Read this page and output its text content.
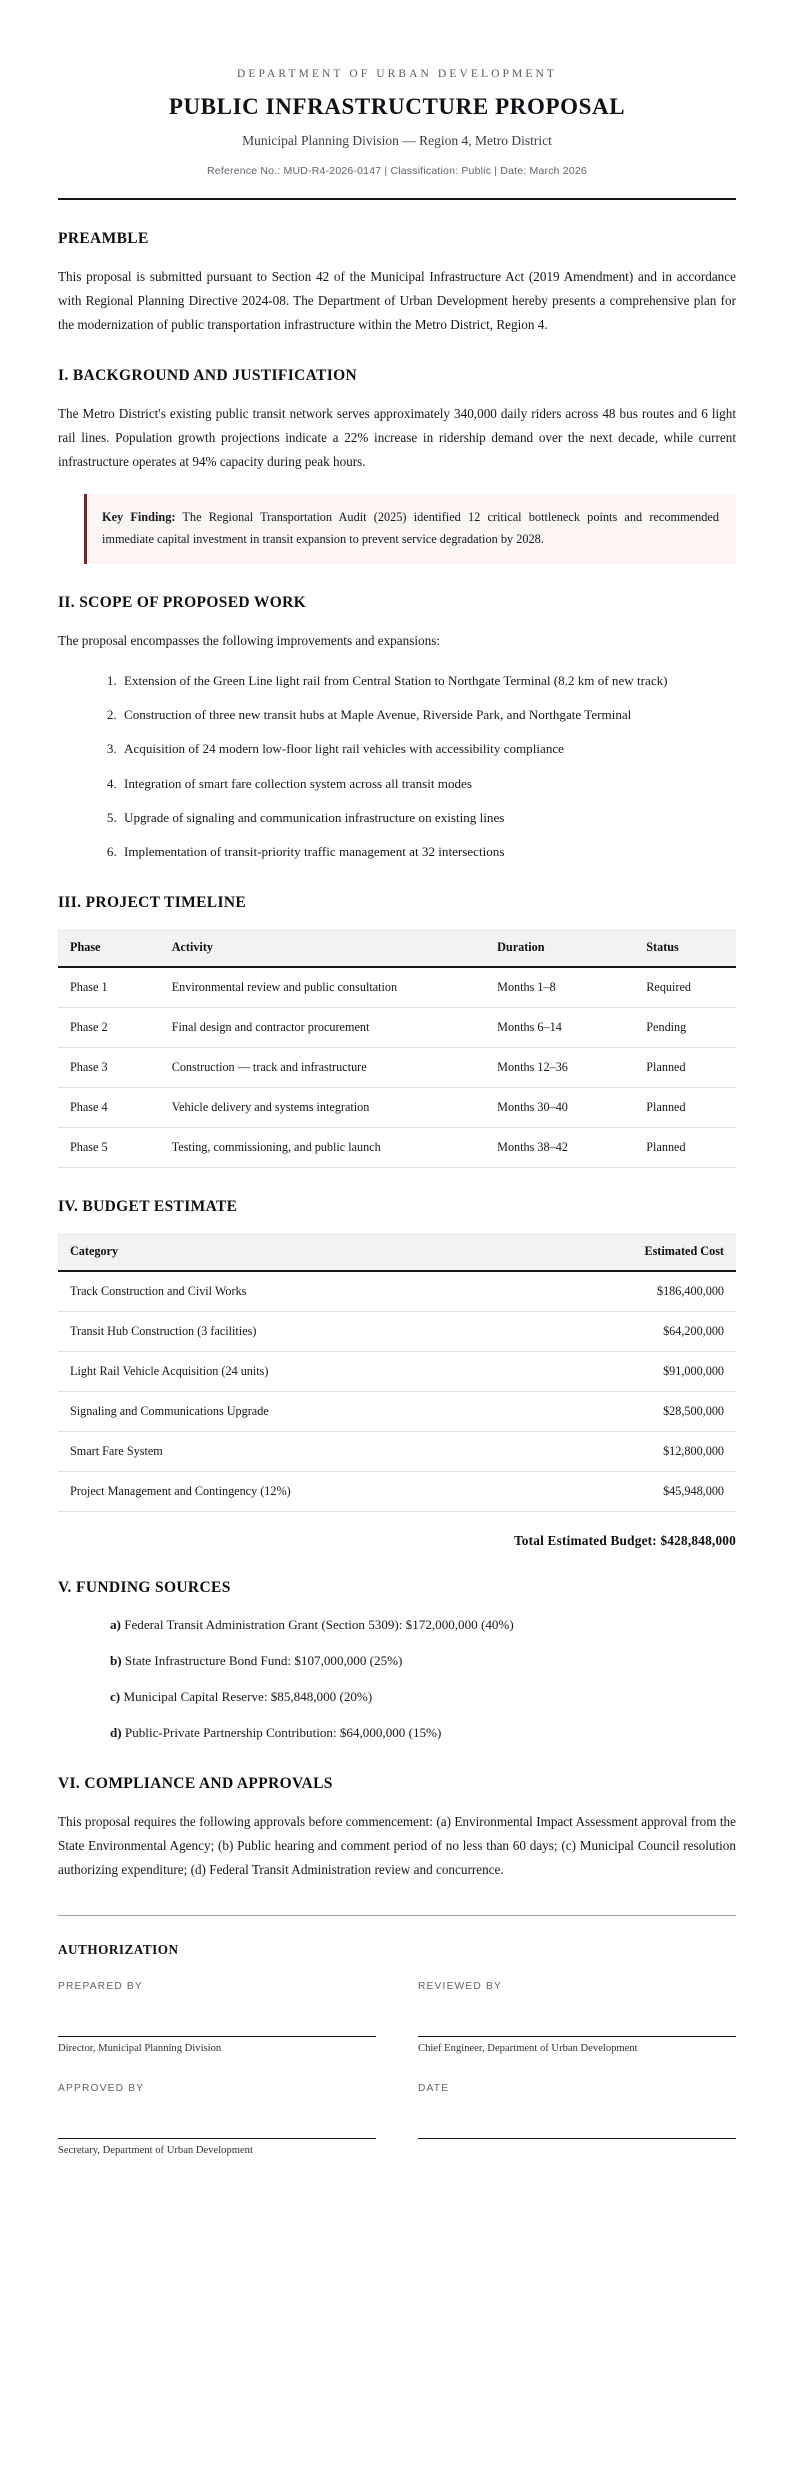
DEPARTMENT OF URBAN DEVELOPMENT
PUBLIC INFRASTRUCTURE PROPOSAL
Municipal Planning Division — Region 4, Metro District
Reference No.: MUD-R4-2026-0147 | Classification: Public | Date: March 2026
PREAMBLE

This proposal is submitted pursuant to Section 42 of the Municipal Infrastructure Act (2019 Amendment) and in accordance with Regional Planning Directive 2024-08. The Department of Urban Development hereby presents a comprehensive plan for the modernization of public transportation infrastructure within the Metro District, Region 4.

I. BACKGROUND AND JUSTIFICATION

The Metro District's existing public transit network serves approximately 340,000 daily riders across 48 bus routes and 6 light rail lines. Population growth projections indicate a 22% increase in ridership demand over the next decade, while current infrastructure operates at 94% capacity during peak hours.

Key Finding: The Regional Transportation Audit (2025) identified 12 critical bottleneck points and recommended immediate capital investment in transit expansion to prevent service degradation by 2028.

II. SCOPE OF PROPOSED WORK

The proposal encompasses the following improvements and expansions:

1. Extension of the Green Line light rail from Central Station to Northgate Terminal (8.2 km of new track)
2. Construction of three new transit hubs at Maple Avenue, Riverside Park, and Northgate Terminal
3. Acquisition of 24 modern low-floor light rail vehicles with accessibility compliance
4. Integration of smart fare collection system across all transit modes
5. Upgrade of signaling and communication infrastructure on existing lines
6. Implementation of transit-priority traffic management at 32 intersections
III. PROJECT TIMELINE
Phase	Activity	Duration	Status
Phase 1	Environmental review and public consultation	Months 1–8	Required
Phase 2	Final design and contractor procurement	Months 6–14	Pending
Phase 3	Construction — track and infrastructure	Months 12–36	Planned
Phase 4	Vehicle delivery and systems integration	Months 30–40	Planned
Phase 5	Testing, commissioning, and public launch	Months 38–42	Planned
IV. BUDGET ESTIMATE
Category	Estimated Cost
Track Construction and Civil Works	$186,400,000
Transit Hub Construction (3 facilities)	$64,200,000
Light Rail Vehicle Acquisition (24 units)	$91,000,000
Signaling and Communications Upgrade	$28,500,000
Smart Fare System	$12,800,000
Project Management and Contingency (12%)	$45,948,000
Total Estimated Budget: $428,848,000
V. FUNDING SOURCES
a) Federal Transit Administration Grant (Section 5309): $172,000,000 (40%)
b) State Infrastructure Bond Fund: $107,000,000 (25%)
c) Municipal Capital Reserve: $85,848,000 (20%)
d) Public-Private Partnership Contribution: $64,000,000 (15%)
VI. COMPLIANCE AND APPROVALS

This proposal requires the following approvals before commencement: (a) Environmental Impact Assessment approval from the State Environmental Agency; (b) Public hearing and comment period of no less than 60 days; (c) Municipal Council resolution authorizing expenditure; (d) Federal Transit Administration review and concurrence.

AUTHORIZATION
PREPARED BY
Director, Municipal Planning Division
REVIEWED BY
Chief Engineer, Department of Urban Development
APPROVED BY
Secretary, Department of Urban Development
DATE
